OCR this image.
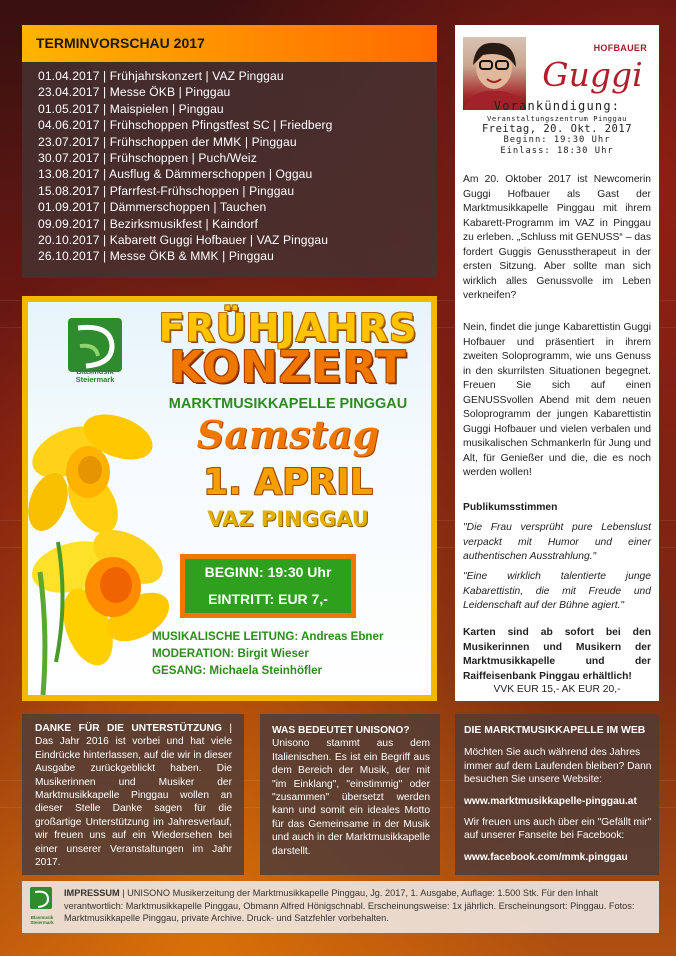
TERMINVORSCHAU 2017
01.04.2017 | Frühjahrskonzert | VAZ Pinggau
23.04.2017 | Messe ÖKB | Pinggau
01.05.2017 | Maispielen | Pinggau
04.06.2017 | Frühschoppen Pfingstfest SC | Friedberg
23.07.2017 | Frühschoppen der MMK | Pinggau
30.07.2017 | Frühschoppen | Puch/Weiz
13.08.2017 | Ausflug & Dämmerschoppen | Oggau
15.08.2017 | Pfarrfest-Frühschoppen | Pinggau
01.09.2017 | Dämmerschoppen | Tauchen
09.09.2017 | Bezirksmusikfest | Kaindorf
20.10.2017 | Kabarett Guggi Hofbauer | VAZ Pinggau
26.10.2017 | Messe ÖKB & MMK | Pinggau
Blasmusik Steiermark
FRÜHJAHRS
KONZERT
MARKTMUSIKKAPELLE PINGGAU
Samstag
1. APRIL
VAZ PINGGAU
BEGINN: 19:30 Uhr
EINTRITT: EUR 7,-
MUSIKALISCHE LEITUNG: Andreas Ebner
MODERATION: Birgit Wieser
GESANG: Michaela Steinhöfler
HOFBAUER
Guggi
Vorankündigung:
Veranstaltungszentrum Pinggau
Freitag, 20. Okt. 2017
Beginn: 19:30 Uhr
Einlass: 18:30 Uhr
Am 20. Oktober 2017 ist Newcomerin Guggi Hofbauer als Gast der Marktmusikkapelle Pinggau mit ihrem Kabarett-Programm im VAZ in Pinggau zu erleben. „Schluss mit GENUSS“ – das fordert Guggis Genusstherapeut in der ersten Sitzung. Aber sollte man sich wirklich alles Genussvolle im Leben verkneifen?
Nein, findet die junge Kabarettistin Guggi Hofbauer und präsentiert in ihrem zweiten Soloprogramm, wie uns Genuss in den skurrilsten Situationen begegnet. Freuen Sie sich auf einen GENUSSvollen Abend mit dem neuen Soloprogramm der jungen Kabarettistin Guggi Hofbauer und vielen verbalen und musikalischen Schmankerln für Jung und Alt, für Genießer und die, die es noch werden wollen!
Publikumsstimmen
"Die Frau versprüht pure Lebenslust verpackt mit Humor und einer authentischen Ausstrahlung."
"Eine wirklich talentierte junge Kabarettistin, die mit Freude und Leidenschaft auf der Bühne agiert."
Karten sind ab sofort bei den Musikerinnen und Musikern der Marktmusikkapelle und der Raiffeisenbank Pinggau erhältlich!
VVK EUR 15,- AK EUR 20,-
DANKE FÜR DIE UNTERSTÜTZUNG | Das Jahr 2016 ist vorbei und hat viele Eindrücke hinterlassen, auf die wir in dieser Ausgabe zurückgeblickt haben. Die Musikerinnen und Musiker der Marktmusikkapelle Pinggau wollen an dieser Stelle Danke sagen für die großartige Unterstützung im Jahresverlauf, wir freuen uns auf ein Wiedersehen bei einer unserer Veranstaltungen im Jahr 2017.
WAS BEDEUTET UNISONO?
Unisono stammt aus dem Italienischen. Es ist ein Begriff aus dem Bereich der Musik, der mit "im Einklang", "einstimmig" oder "zusammen" übersetzt werden kann und somit ein ideales Motto für das Gemeinsame in der Musik und auch in der Marktmusikkapelle darstellt.
DIE MARKTMUSIKKAPELLE IM WEB
Möchten Sie auch während des Jahres immer auf dem Laufenden bleiben? Dann besuchen Sie unsere Website:
www.marktmusikkapelle-pinggau.at
Wir freuen uns auch über ein "Gefällt mir" auf unserer Fanseite bei Facebook:
www.facebook.com/mmk.pinggau
Blasmusik Steiermark
IMPRESSUM | UNISONO Musikerzeitung der Marktmusikkapelle Pinggau, Jg. 2017, 1. Ausgabe, Auflage: 1.500 Stk. Für den Inhalt verantwortlich: Marktmusikkapelle Pinggau, Obmann Alfred Hönigschnabl. Erscheinungsweise: 1x jährlich. Erscheinungsort: Pinggau. Fotos: Marktmusikkapelle Pinggau, private Archive. Druck- und Satzfehler vorbehalten.
